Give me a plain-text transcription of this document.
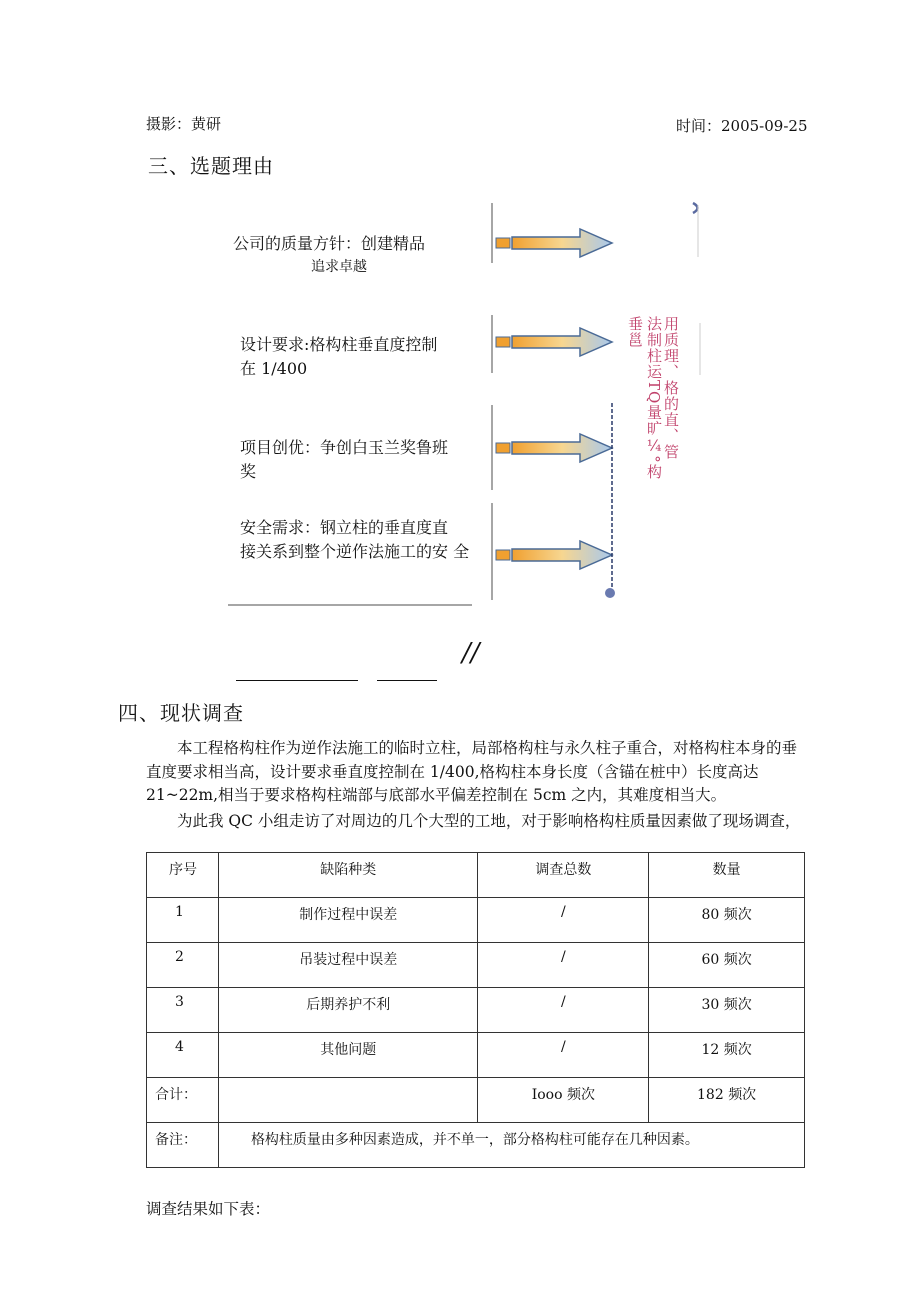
摄影：黄研	时间：2005-09-25
三、选题理由
公司的质量方针：创建精品
追求卓越
设计要求:格构柱垂直度控制
在 1/400
项目创优：争创白玉兰奖鲁班
奖
安全需求：钢立柱的垂直度直
接关系到整个逆作法施工的安 全
用质理、格的直、管
法制柱运TQ量旷¼°构
垂邕
//
四、现状调查
本工程格构柱作为逆作法施工的临时立柱，局部格构柱与永久柱子重合，对格构柱本身的垂直度要求相当高，设计要求垂直度控制在 1/400,格构柱本身长度（含锚在桩中）长度高达 21~22m,相当于要求格构柱端部与底部水平偏差控制在 5cm 之内，其难度相当大。
为此我 QC 小组走访了对周边的几个大型的工地，对于影响格构柱质量因素做了现场调查，
序号	缺陷种类	调查总数	数量
1	制作过程中误差	/	80 频次
2	吊装过程中误差	/	60 频次
3	后期养护不利	/	30 频次
4	其他问题	/	12 频次
合计：		Iooo 频次	182 频次
备注：	格构柱质量由多种因素造成，并不单一，部分格构柱可能存在几种因素。		
调查结果如下表：
